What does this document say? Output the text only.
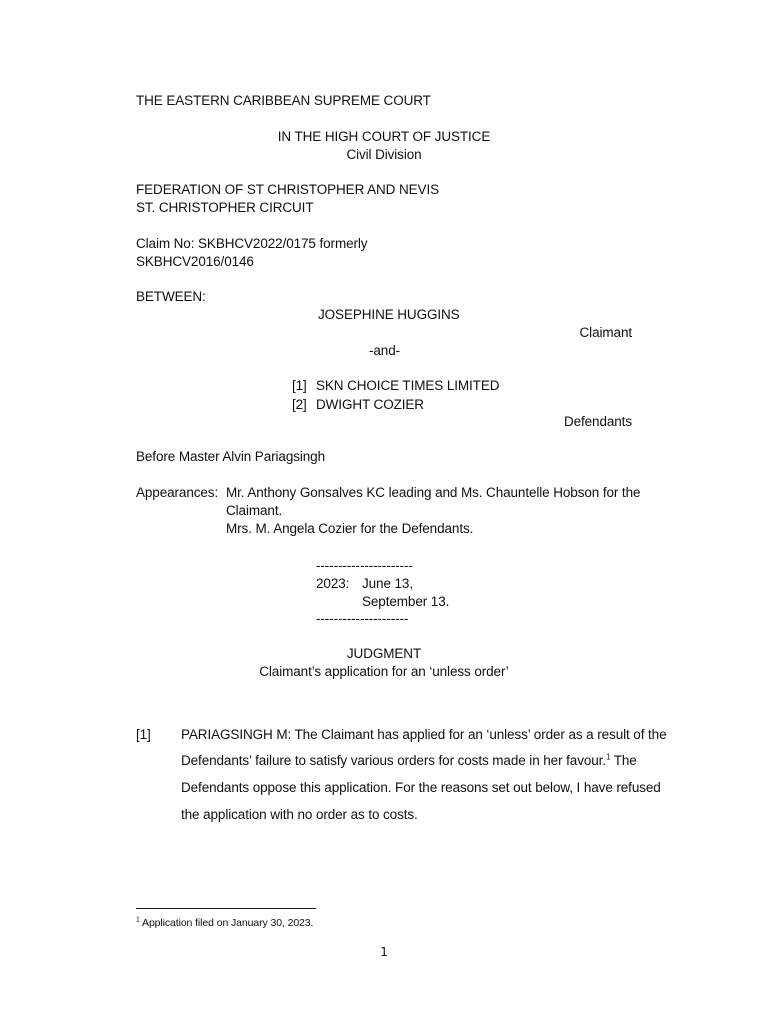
THE EASTERN CARIBBEAN SUPREME COURT
IN THE HIGH COURT OF JUSTICE
Civil Division
FEDERATION OF ST CHRISTOPHER AND NEVIS
ST. CHRISTOPHER CIRCUIT
Claim No: SKBHCV2022/0175 formerly
SKBHCV2016/0146
BETWEEN:
JOSEPHINE HUGGINS
Claimant
-and-
[1] SKN CHOICE TIMES LIMITED
[2] DWIGHT COZIER
Defendants
Before Master Alvin Pariagsingh
Appearances: Mr. Anthony Gonsalves KC leading and Ms. Chauntelle Hobson for the
Claimant.
Mrs. M. Angela Cozier for the Defendants.
----------------------
2023: June 13,
September 13.
---------------------
JUDGMENT
Claimant’s application for an ‘unless order’
[1] PARIAGSINGH M: The Claimant has applied for an ‘unless’ order as a result of the
Defendants’ failure to satisfy various orders for costs made in her favour.$^1$ The
Defendants oppose this application. For the reasons set out below, I have refused
the application with no order as to costs.
$^1$ Application filed on January 30, 2023.
1
